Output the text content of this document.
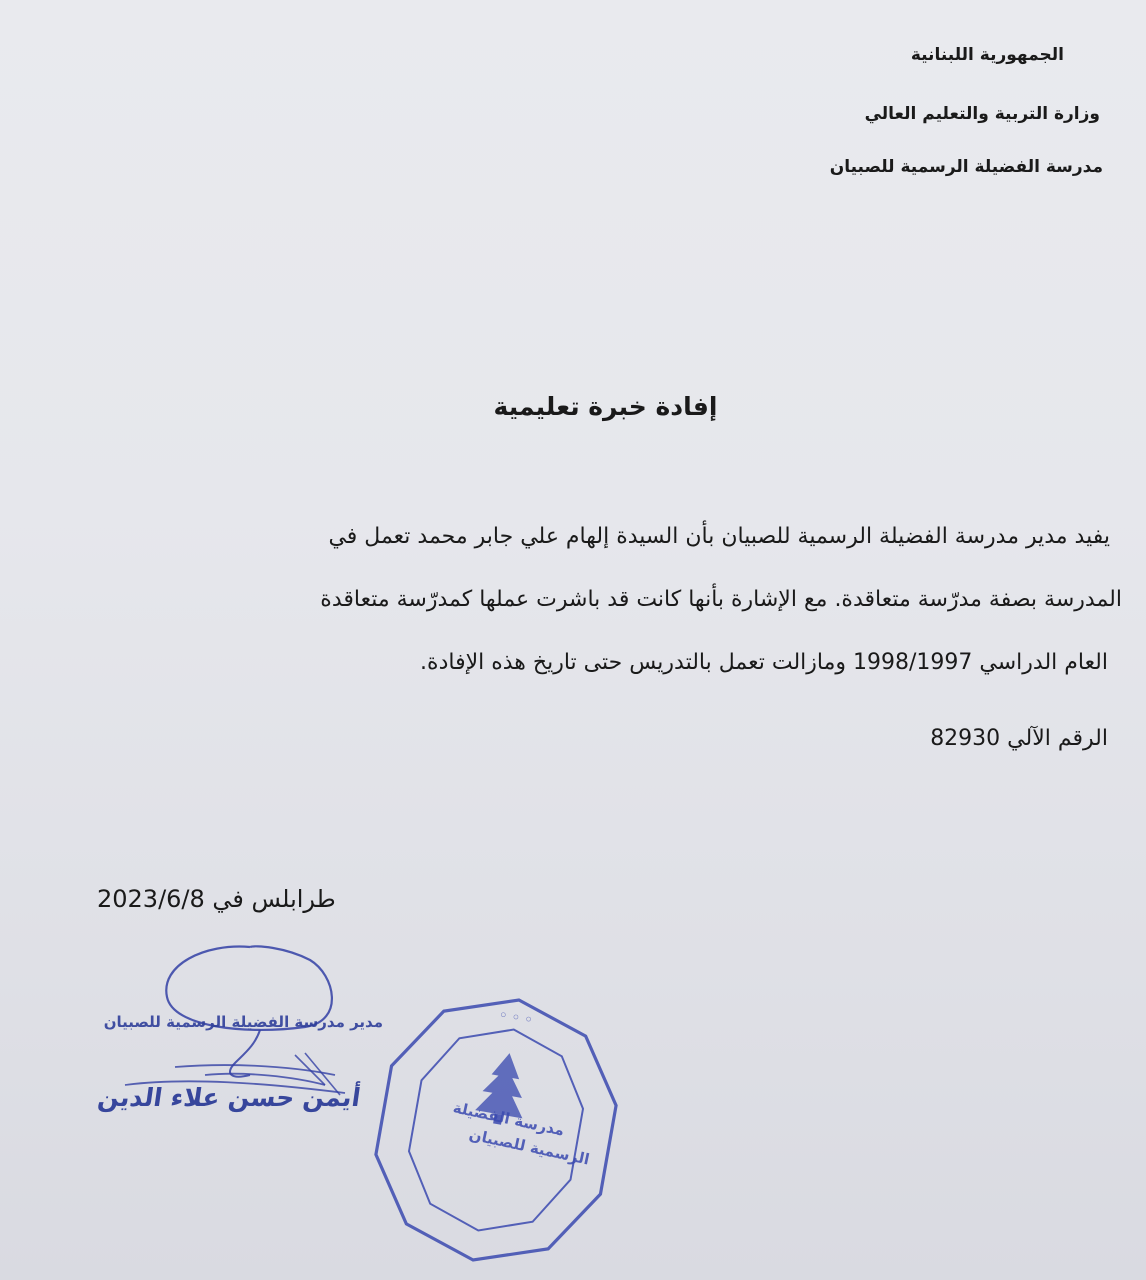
الجمهورية اللبنانية
وزارة التربية والتعليم العالي
مدرسة الفضيلة الرسمية للصبيان
إفادة خبرة تعليمية
يفيد مدير مدرسة الفضيلة الرسمية للصبيان بأن السيدة إلهام علي جابر محمد تعمل في
المدرسة بصفة مدرّسة متعاقدة. مع الإشارة بأنها كانت قد باشرت عملها كمدرّسة متعاقدة
العام الدراسي 1998/1997 ومازالت تعمل بالتدريس حتى تاريخ هذه الإفادة.
الرقم الآلي 82930
طرابلس في 2023/6/8
مدير مدرسة الفضيلة الرسمية للصبيان
أيمن حسن علاء الدين
◦ ◦ ◦
مدرسة الفضيلة
الرسمية للصبيان
